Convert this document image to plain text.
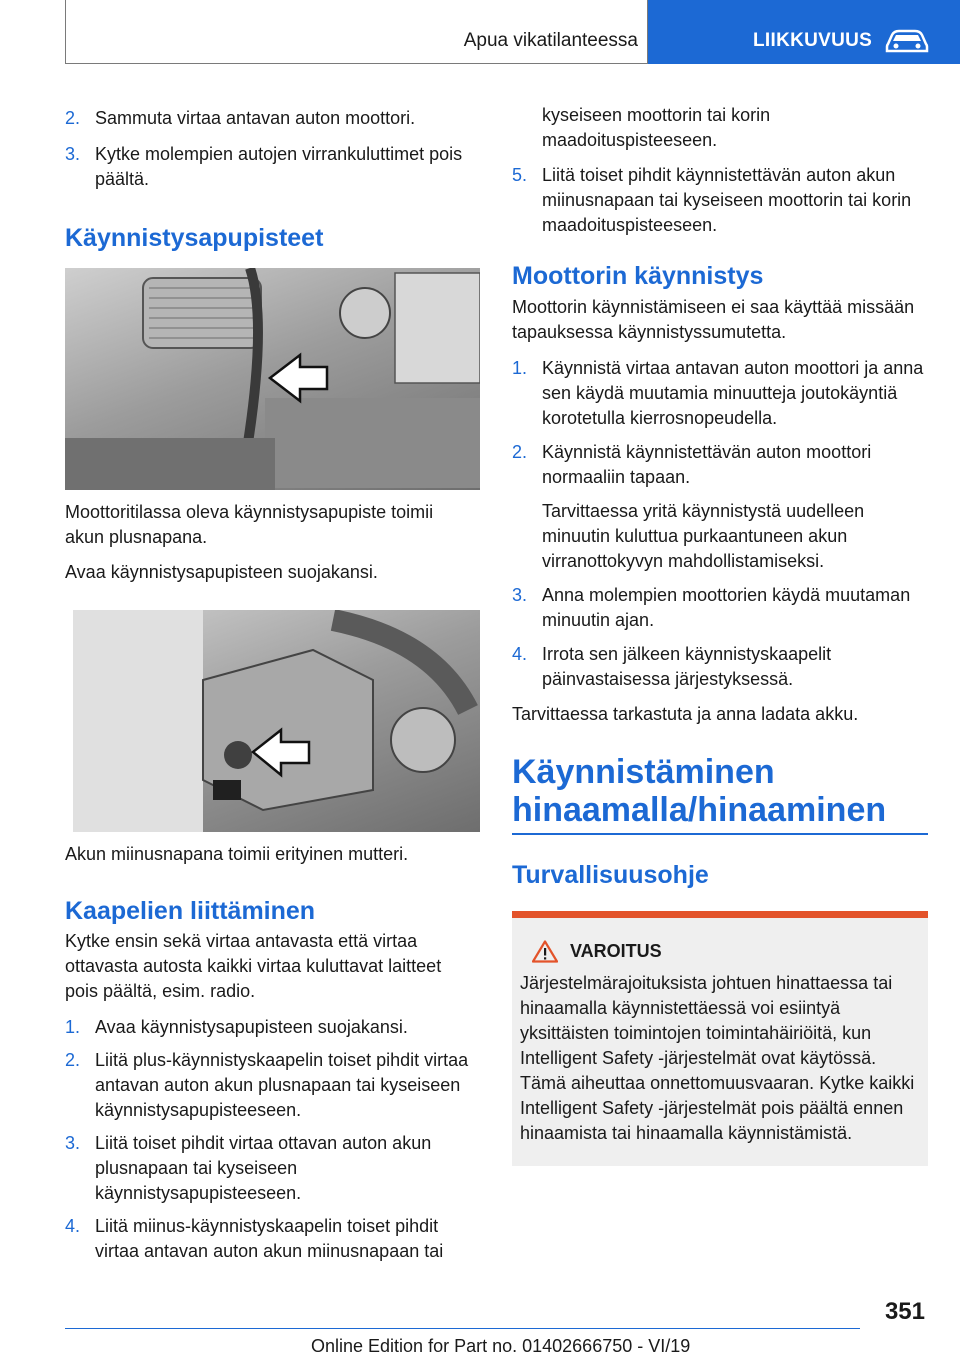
Apua vikatilanteessa	LIIKKUVUUS
2. Sammuta virtaa antavan auton moottori.
3. Kytke molempien autojen virrankuluttimet pois päältä.
Käynnistysapupisteet

Moottoritilassa oleva käynnistysapupiste toimii akun plusnapana.

Avaa käynnistysapupisteen suojakansi.

Akun miinusnapana toimii erityinen mutteri.

Kaapelien liittäminen

Kytke ensin sekä virtaa antavasta että virtaa ottavasta autosta kaikki virtaa kuluttavat laitteet pois päältä, esim. radio.

1. Avaa käynnistysapupisteen suojakansi.
2. Liitä plus-käynnistyskaapelin toiset pihdit virtaa antavan auton akun plusnapaan tai kyseiseen käynnistysapupisteeseen.
3. Liitä toiset pihdit virtaa ottavan auton akun plusnapaan tai kyseiseen käynnistysapupisteeseen.
4. Liitä miinus-käynnistyskaapelin toiset pihdit virtaa antavan auton akun miinusnapaan tai

kyseiseen moottorin tai korin maadoituspisteeseen.

5. Liitä toiset pihdit käynnistettävän auton akun miinusnapaan tai kyseiseen moottorin tai korin maadoituspisteeseen.
Moottorin käynnistys

Moottorin käynnistämiseen ei saa käyttää missään tapauksessa käynnistyssumutetta.

1. Käynnistä virtaa antavan auton moottori ja anna sen käydä muutamia minuutteja joutokäyntiä korotetulla kierrosnopeudella.
2. Käynnistä käynnistettävän auton moottori normaaliin tapaan.

Tarvittaessa yritä käynnistystä uudelleen minuutin kuluttua purkaantuneen akun virranottokyvyn mahdollistamiseksi.

3. Anna molempien moottorien käydä muutaman minuutin ajan.
4. Irrota sen jälkeen käynnistyskaapelit päinvastaisessa järjestyksessä.

Tarvittaessa tarkastuta ja anna ladata akku.

Käynnistäminen hinaamalla/hinaaminen
Turvallisuusohje
VAROITUS

Järjestelmärajoituksista johtuen hinattaessa tai hinaamalla käynnistettäessä voi esiintyä yksittäisten toimintojen toimintahäiriöitä, kun Intelligent Safety -järjestelmät ovat käytössä. Tämä aiheuttaa onnettomuusvaaran. Kytke kaikki Intelligent Safety -järjestelmät pois päältä ennen hinaamista tai hinaamalla käynnistämistä.

351
Online Edition for Part no. 01402666750 - VI/19
